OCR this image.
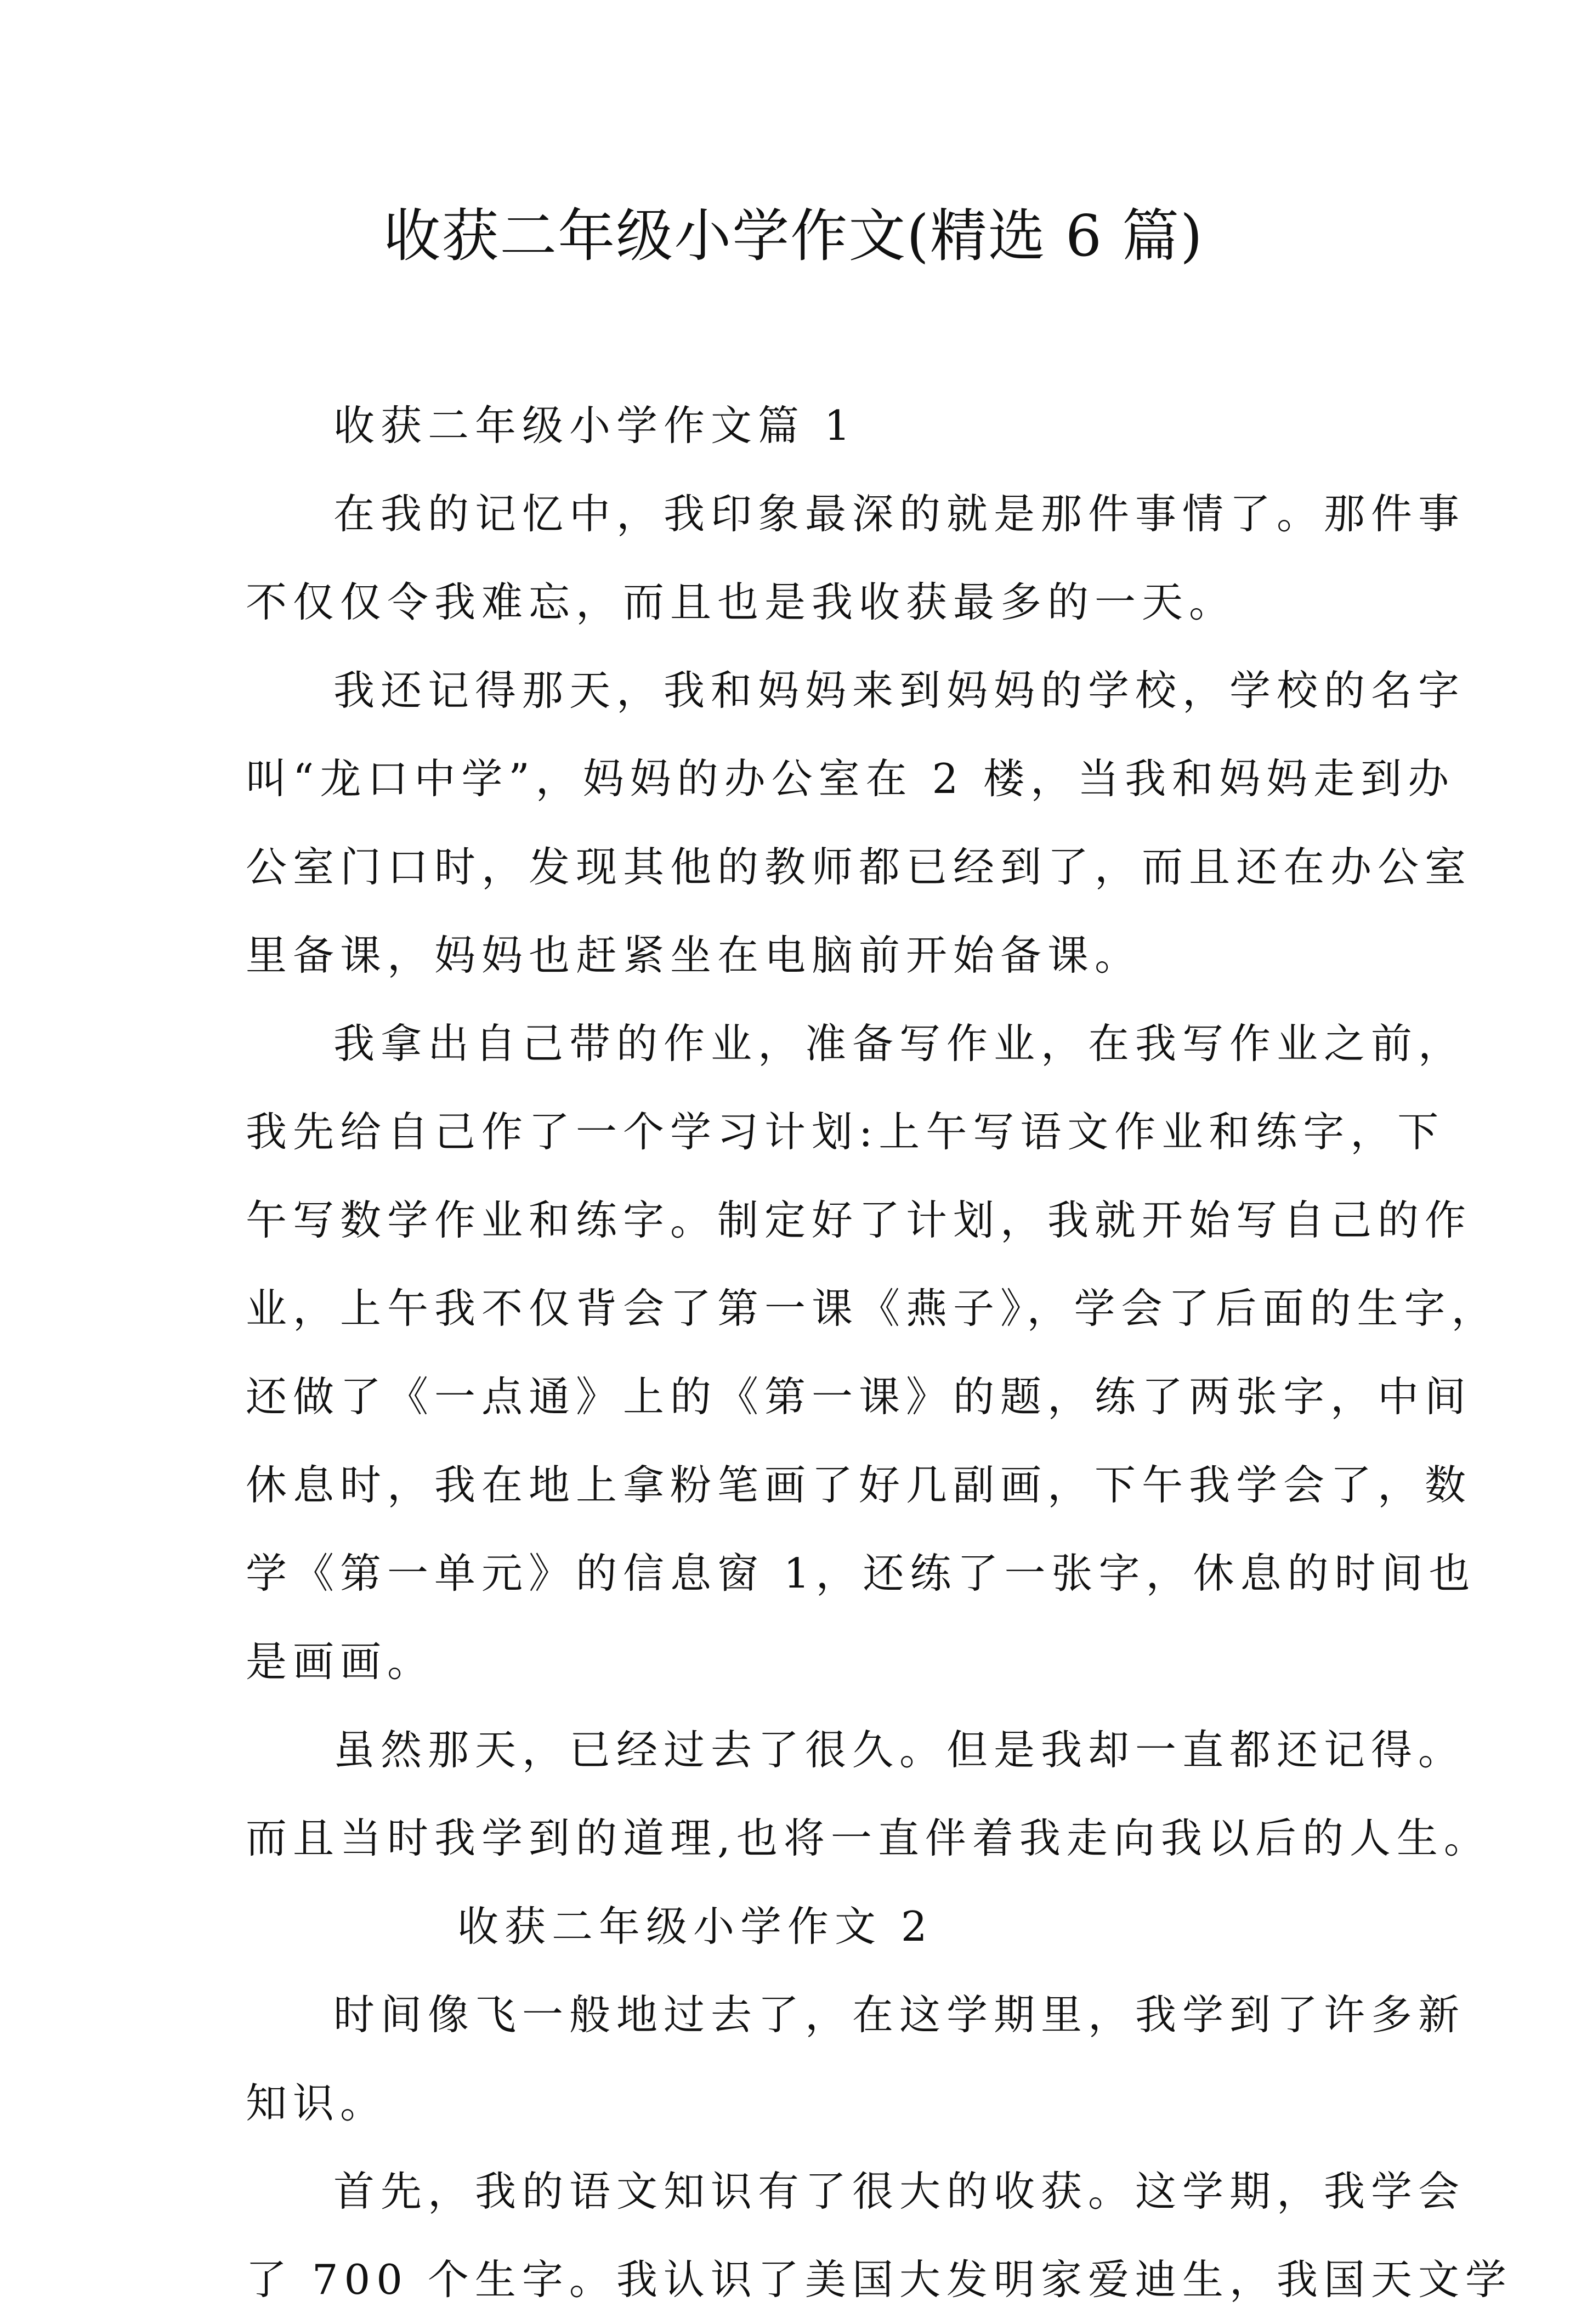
收获二年级小学作文(精选 6 篇)
收获二年级小学作文篇 1
在我的记忆中，我印象最深的就是那件事情了。那件事
不仅仅令我难忘，而且也是我收获最多的一天。
我还记得那天，我和妈妈来到妈妈的学校，学校的名字
叫“龙口中学”，妈妈的办公室在 2 楼，当我和妈妈走到办
公室门口时，发现其他的教师都已经到了，而且还在办公室
里备课，妈妈也赶紧坐在电脑前开始备课。
我拿出自己带的作业，准备写作业，在我写作业之前，
我先给自己作了一个学习计划:上午写语文作业和练字，下
午写数学作业和练字。制定好了计划，我就开始写自己的作
业，上午我不仅背会了第一课《燕子》，学会了后面的生字，
还做了《一点通》上的《第一课》的题，练了两张字，中间
休息时，我在地上拿粉笔画了好几副画，下午我学会了，数
学《第一单元》的信息窗 1，还练了一张字，休息的时间也
是画画。
虽然那天，已经过去了很久。但是我却一直都还记得。
而且当时我学到的道理,也将一直伴着我走向我以后的人生。
收获二年级小学作文 2
时间像飞一般地过去了，在这学期里，我学到了许多新
知识。
首先，我的语文知识有了很大的收获。这学期，我学会
了 700 个生字。我认识了美国大发明家爱迪生，我国天文学
